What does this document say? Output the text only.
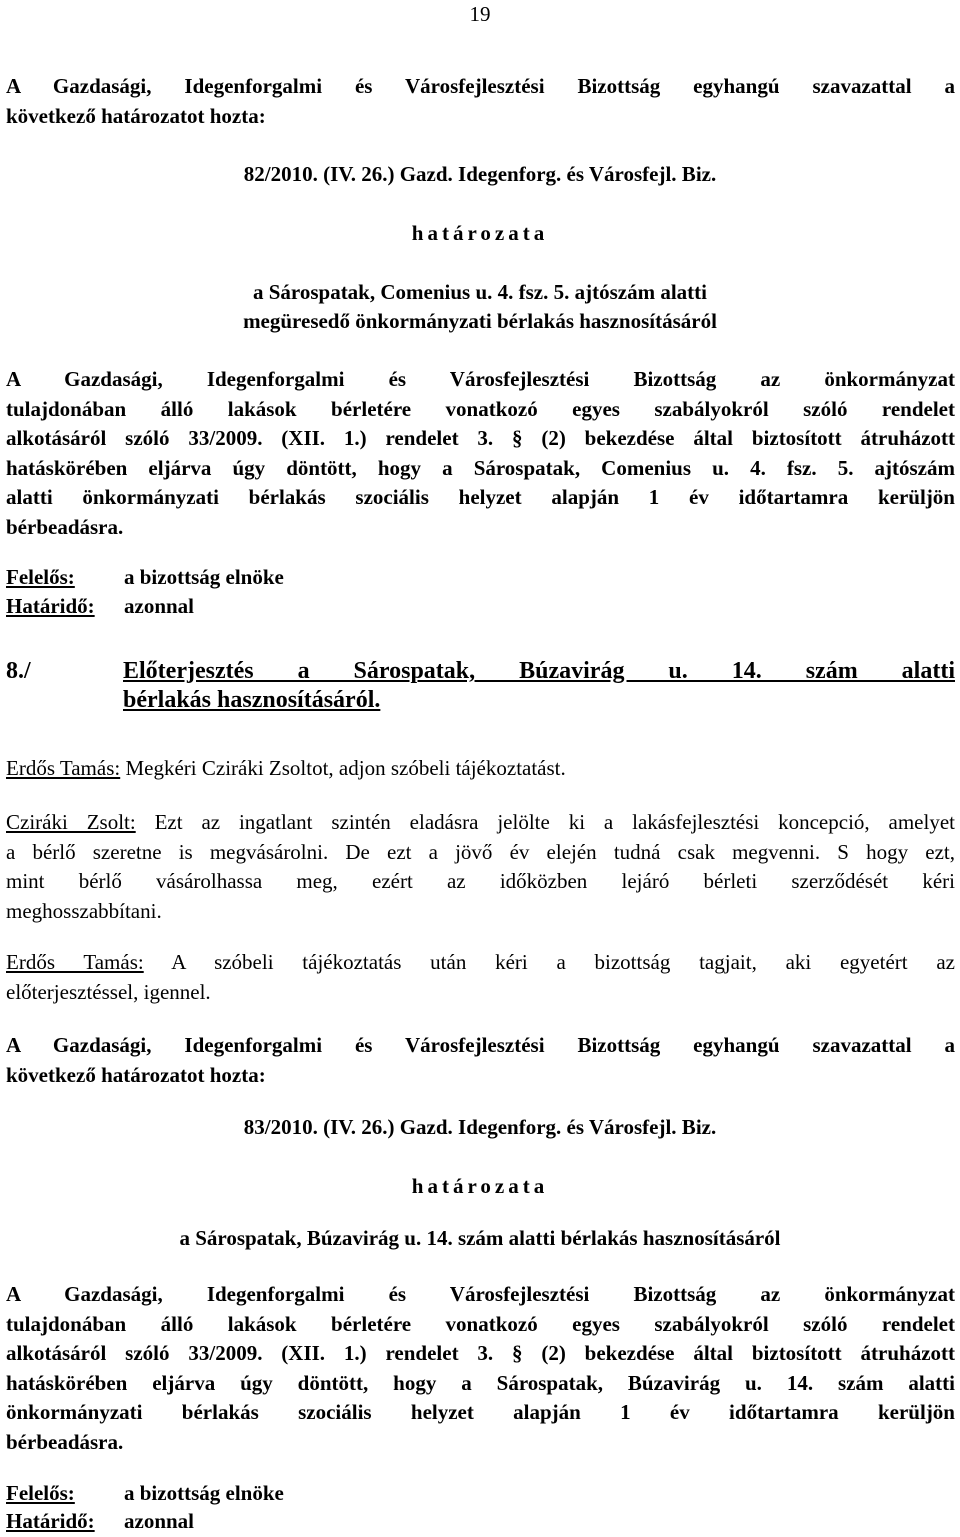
19
A Gazdasági, Idegenforgalmi és Városfejlesztési Bizottság egyhangú szavazattal a
következő határozatot hozta:
82/2010. (IV. 26.) Gazd. Idegenforg. és Városfejl. Biz.
határozata
a Sárospatak, Comenius u. 4. fsz. 5. ajtószám alatti
megüresedő önkormányzati bérlakás hasznosításáról
A Gazdasági, Idegenforgalmi és Városfejlesztési Bizottság az önkormányzat
tulajdonában álló lakások bérletére vonatkozó egyes szabályokról szóló rendelet
alkotásáról szóló 33/2009. (XII. 1.) rendelet 3. § (2) bekezdése által biztosított átruházott
hatáskörében eljárva úgy döntött, hogy a Sárospatak, Comenius u. 4. fsz. 5. ajtószám
alatti önkormányzati bérlakás szociális helyzet alapján 1 év időtartamra kerüljön
bérbeadásra.
Felelős: a bizottság elnöke
Határidő: azonnal
8./	Előterjesztés a Sárospatak, Búzavirág u. 14. szám alatti
bérlakás hasznosításáról.
Erdős Tamás: Megkéri Cziráki Zsoltot, adjon szóbeli tájékoztatást.
Cziráki Zsolt: Ezt az ingatlant szintén eladásra jelölte ki a lakásfejlesztési koncepció, amelyet
a bérlő szeretne is megvásárolni. De ezt a jövő év elején tudná csak megvenni. S hogy ezt,
mint bérlő vásárolhassa meg, ezért az időközben lejáró bérleti szerződését kéri
meghosszabbítani.
Erdős Tamás: A szóbeli tájékoztatás után kéri a bizottság tagjait, aki egyetért az
előterjesztéssel, igennel.
A Gazdasági, Idegenforgalmi és Városfejlesztési Bizottság egyhangú szavazattal a
következő határozatot hozta:
83/2010. (IV. 26.) Gazd. Idegenforg. és Városfejl. Biz.
határozata
a Sárospatak, Búzavirág u. 14. szám alatti bérlakás hasznosításáról
A Gazdasági, Idegenforgalmi és Városfejlesztési Bizottság az önkormányzat
tulajdonában álló lakások bérletére vonatkozó egyes szabályokról szóló rendelet
alkotásáról szóló 33/2009. (XII. 1.) rendelet 3. § (2) bekezdése által biztosított átruházott
hatáskörében eljárva úgy döntött, hogy a Sárospatak, Búzavirág u. 14. szám alatti
önkormányzati bérlakás szociális helyzet alapján 1 év időtartamra kerüljön
bérbeadásra.
Felelős: a bizottság elnöke
Határidő: azonnal
